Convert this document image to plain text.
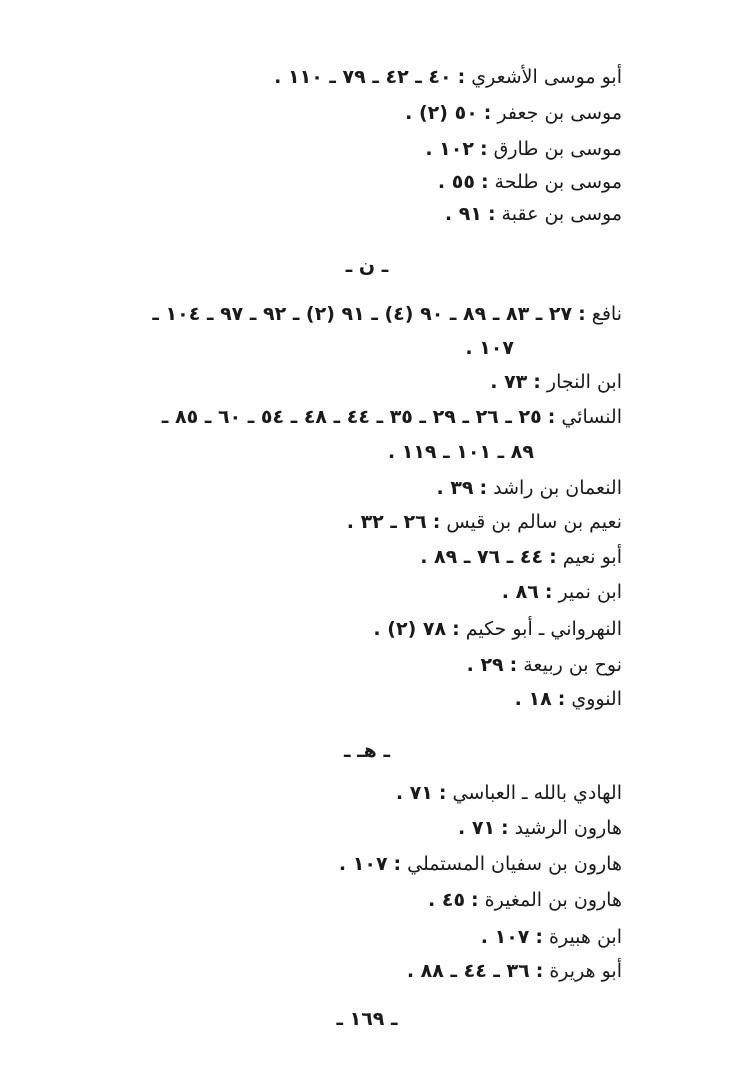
أبو موسى الأشعري:٤٠ ـ ٤٢ ـ ٧٩ ـ ١١٠ .
موسى بن جعفر:٥٠ (٢) .
موسى بن طارق:١٠٢ .
موسى بن طلحة:٥٥ .
موسى بن عقبة:٩١ .
ـ ن ـ
نافع:٢٧ ـ ٨٣ ـ ٨٩ ـ ٩٠ (٤) ـ ٩١ (٢) ـ ٩٢ ـ ٩٧ ـ ١٠٤ ـ
١٠٧ .
ابن النجار:٧٣ .
النسائي:٢٥ ـ ٢٦ ـ ٢٩ ـ ٣٥ ـ ٤٤ ـ ٤٨ ـ ٥٤ ـ ٦٠ ـ ٨٥ ـ
٨٩ ـ ١٠١ ـ ١١٩ .
النعمان بن راشد:٣٩ .
نعيم بن سالم بن قيس:٢٦ ـ ٣٢ .
أبو نعيم:٤٤ ـ ٧٦ ـ ٨٩ .
ابن نمير:٨٦ .
النهرواني ـ أبو حكيم:٧٨ (٢) .
نوح بن ربيعة:٢٩ .
النووي:١٨ .
ـ هـ ـ
الهادي بالله ـ العباسي:٧١ .
هارون الرشيد:٧١ .
هارون بن سفيان المستملي:١٠٧ .
هارون بن المغيرة:٤٥ .
ابن هبيرة:١٠٧ .
أبو هريرة:٣٦ ـ ٤٤ ـ ٨٨ .
ـ ١٦٩ ـ
